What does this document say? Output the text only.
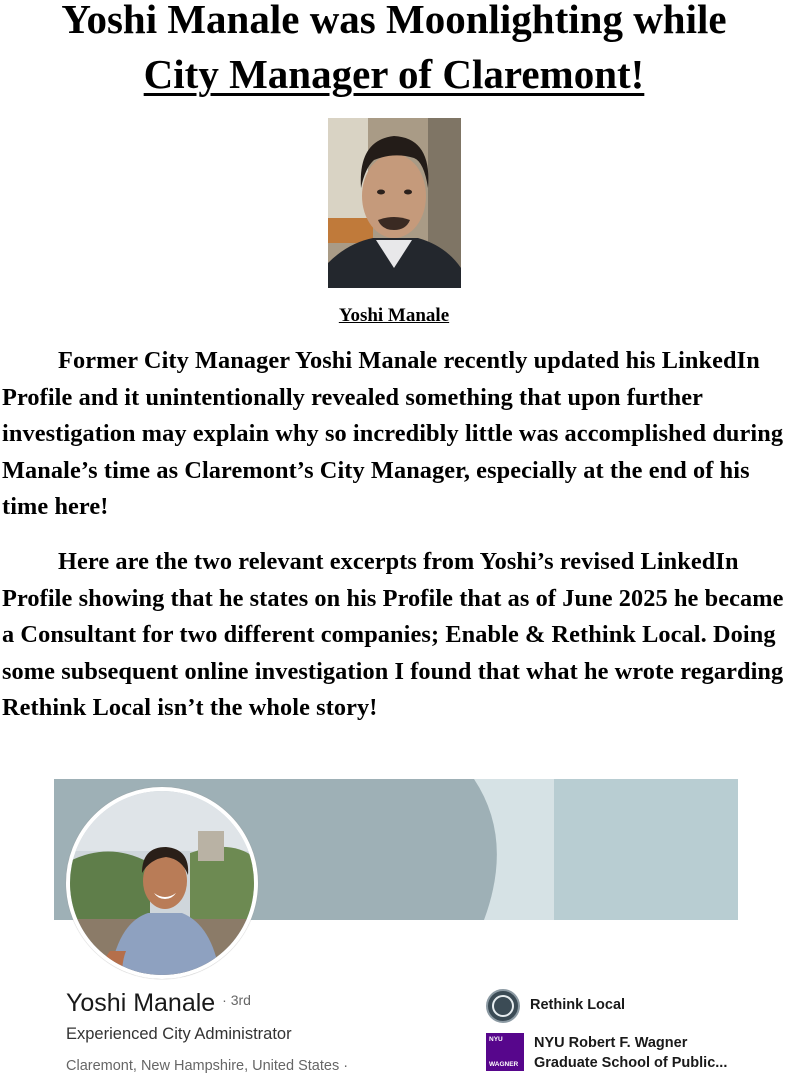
Yoshi Manale was Moonlighting while
City Manager of Claremont!
Yoshi Manale

Former City Manager Yoshi Manale recently updated his LinkedIn Profile and it unintentionally revealed something that upon further investigation may explain why so incredibly little was accomplished during Manale’s time as Claremont’s City Manager, especially at the end of his time here!

Here are the two relevant excerpts from Yoshi’s revised LinkedIn Profile showing that he states on his Profile that as of June 2025 he became a Consultant for two different companies; Enable & Rethink Local. Doing some subsequent online investigation I found that what he wrote regarding Rethink Local isn’t the whole story!

Yoshi Manale $^{\cdot 3rd}$
Experienced City Administrator
Claremont, New Hampshire, United States ·
Rethink Local
NYU
WAGNER
NYU Robert F. Wagner
Graduate School of Public...
